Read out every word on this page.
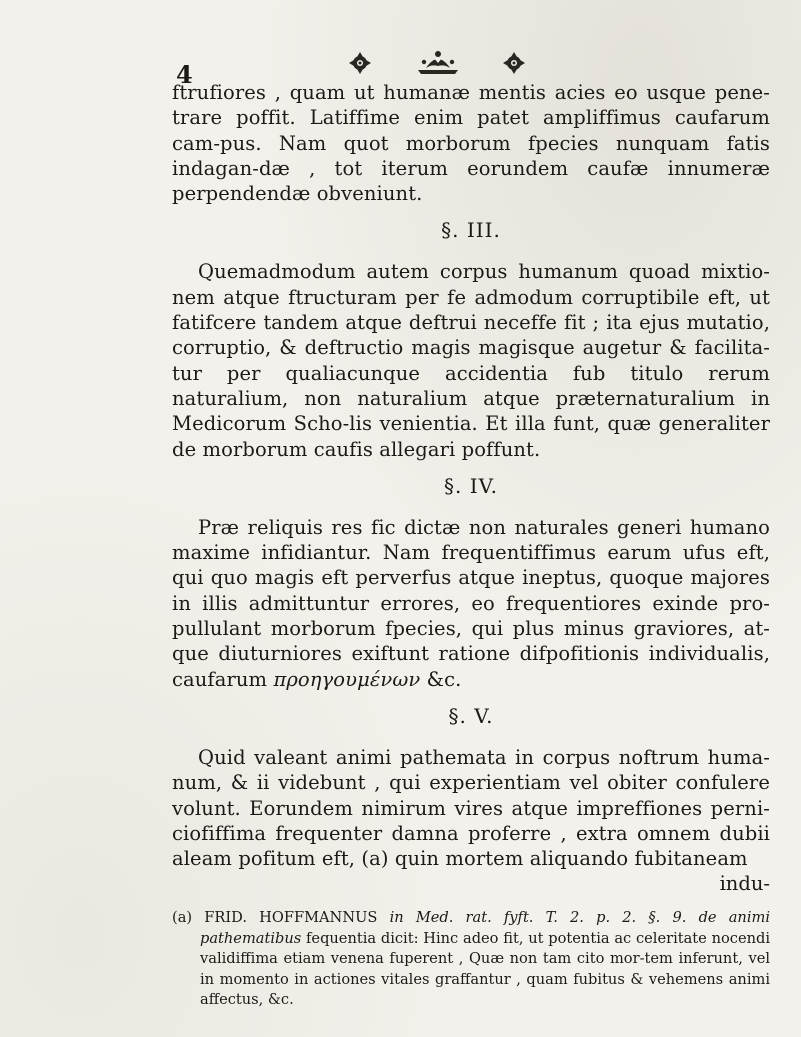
4

ftrufiores , quam ut humanæ mentis acies eo usque pene-trare poffit. Latiffime enim patet ampliffimus caufarum cam-pus. Nam quot morborum fpecies nunquam fatis indagan-dæ , tot iterum eorundem caufæ innumeræ perpendendæ obveniunt.

§. III.

Quemadmodum autem corpus humanum quoad mixtio-nem atque ftructuram per fe admodum corruptibile eft, ut fatifcere tandem atque deftrui neceffe fit ; ita ejus mutatio, corruptio, & deftructio magis magisque augetur & facilita-tur per qualiacunque accidentia fub titulo rerum naturalium, non naturalium atque præternaturalium in Medicorum Scho-lis venientia. Et illa funt, quæ generaliter de morborum caufis allegari poffunt.

§. IV.

Præ reliquis res fic dictæ non naturales generi humano maxime infidiantur. Nam frequentiffimus earum ufus eft, qui quo magis eft perverfus atque ineptus, quoque majores in illis admittuntur errores, eo frequentiores exinde pro-pullulant morborum fpecies, qui plus minus graviores, at-que diuturniores exiftunt ratione difpofitionis individualis, caufarum προηγουμένων &c.

§. V.

Quid valeant animi pathemata in corpus noftrum huma-num, & ii videbunt , qui experientiam vel obiter confulere volunt. Eorundem nimirum vires atque impreffiones perni-ciofiffima frequenter damna proferre , extra omnem dubii aleam pofitum eft, (a) quin mortem aliquando fubitaneam

indu-

(a) FRID. HOFFMANNUS in Med. rat. fyft. T. 2. p. 2. §. 9. de animi pathematibus fequentia dicit: Hinc adeo fit, ut potentia ac celeritate nocendi validiffima etiam venena fuperent , Quæ non tam cito mor-tem inferunt, vel in momento in actiones vitales graffantur , quam fubitus & vehemens animi affectus, &c.
